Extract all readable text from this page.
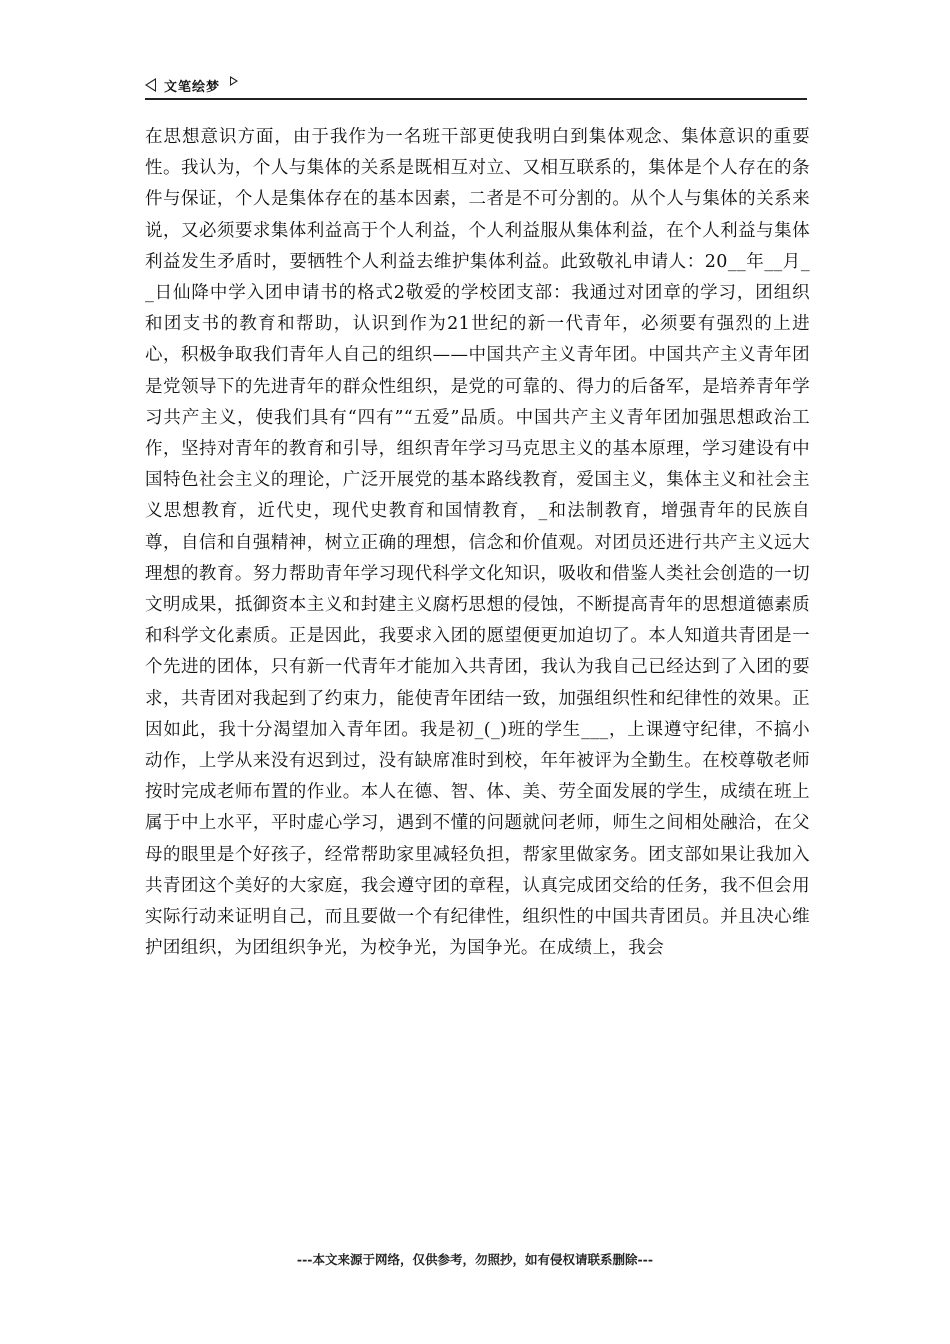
文笔绘梦
在思想意识方面，由于我作为一名班干部更使我明白到集体观念、集体意识的重要性。我认为，个人与集体的关系是既相互对立、又相互联系的，集体是个人存在的条件与保证，个人是集体存在的基本因素，二者是不可分割的。从个人与集体的关系来说，又必须要求集体利益高于个人利益，个人利益服从集体利益，在个人利益与集体利益发生矛盾时，要牺牲个人利益去维护集体利益。此致敬礼申请人：20__年__月__日仙降中学入团申请书的格式2敬爱的学校团支部：我通过对团章的学习，团组织和团支书的教育和帮助，认识到作为21世纪的新一代青年，必须要有强烈的上进心，积极争取我们青年人自己的组织——中国共产主义青年团。中国共产主义青年团是党领导下的先进青年的群众性组织，是党的可靠的、得力的后备军，是培养青年学习共产主义，使我们具有“四有”“五爱”品质。中国共产主义青年团加强思想政治工作，坚持对青年的教育和引导，组织青年学习马克思主义的基本原理，学习建设有中国特色社会主义的理论，广泛开展党的基本路线教育，爱国主义，集体主义和社会主义思想教育，近代史，现代史教育和国情教育，_和法制教育，增强青年的民族自尊，自信和自强精神，树立正确的理想，信念和价值观。对团员还进行共产主义远大理想的教育。努力帮助青年学习现代科学文化知识，吸收和借鉴人类社会创造的一切文明成果，抵御资本主义和封建主义腐朽思想的侵蚀，不断提高青年的思想道德素质和科学文化素质。正是因此，我要求入团的愿望便更加迫切了。本人知道共青团是一个先进的团体，只有新一代青年才能加入共青团，我认为我自己已经达到了入团的要求，共青团对我起到了约束力，能使青年团结一致，加强组织性和纪律性的效果。正因如此，我十分渴望加入青年团。我是初_(_)班的学生___，上课遵守纪律，不搞小动作，上学从来没有迟到过，没有缺席准时到校，年年被评为全勤生。在校尊敬老师按时完成老师布置的作业。本人在德、智、体、美、劳全面发展的学生，成绩在班上属于中上水平，平时虚心学习，遇到不懂的问题就问老师，师生之间相处融洽，在父母的眼里是个好孩子，经常帮助家里减轻负担，帮家里做家务。团支部如果让我加入共青团这个美好的大家庭，我会遵守团的章程，认真完成团交给的任务，我不但会用实际行动来证明自己，而且要做一个有纪律性，组织性的中国共青团员。并且决心维护团组织，为团组织争光，为校争光，为国争光。在成绩上，我会
---本文来源于网络，仅供参考，勿照抄，如有侵权请联系删除---
